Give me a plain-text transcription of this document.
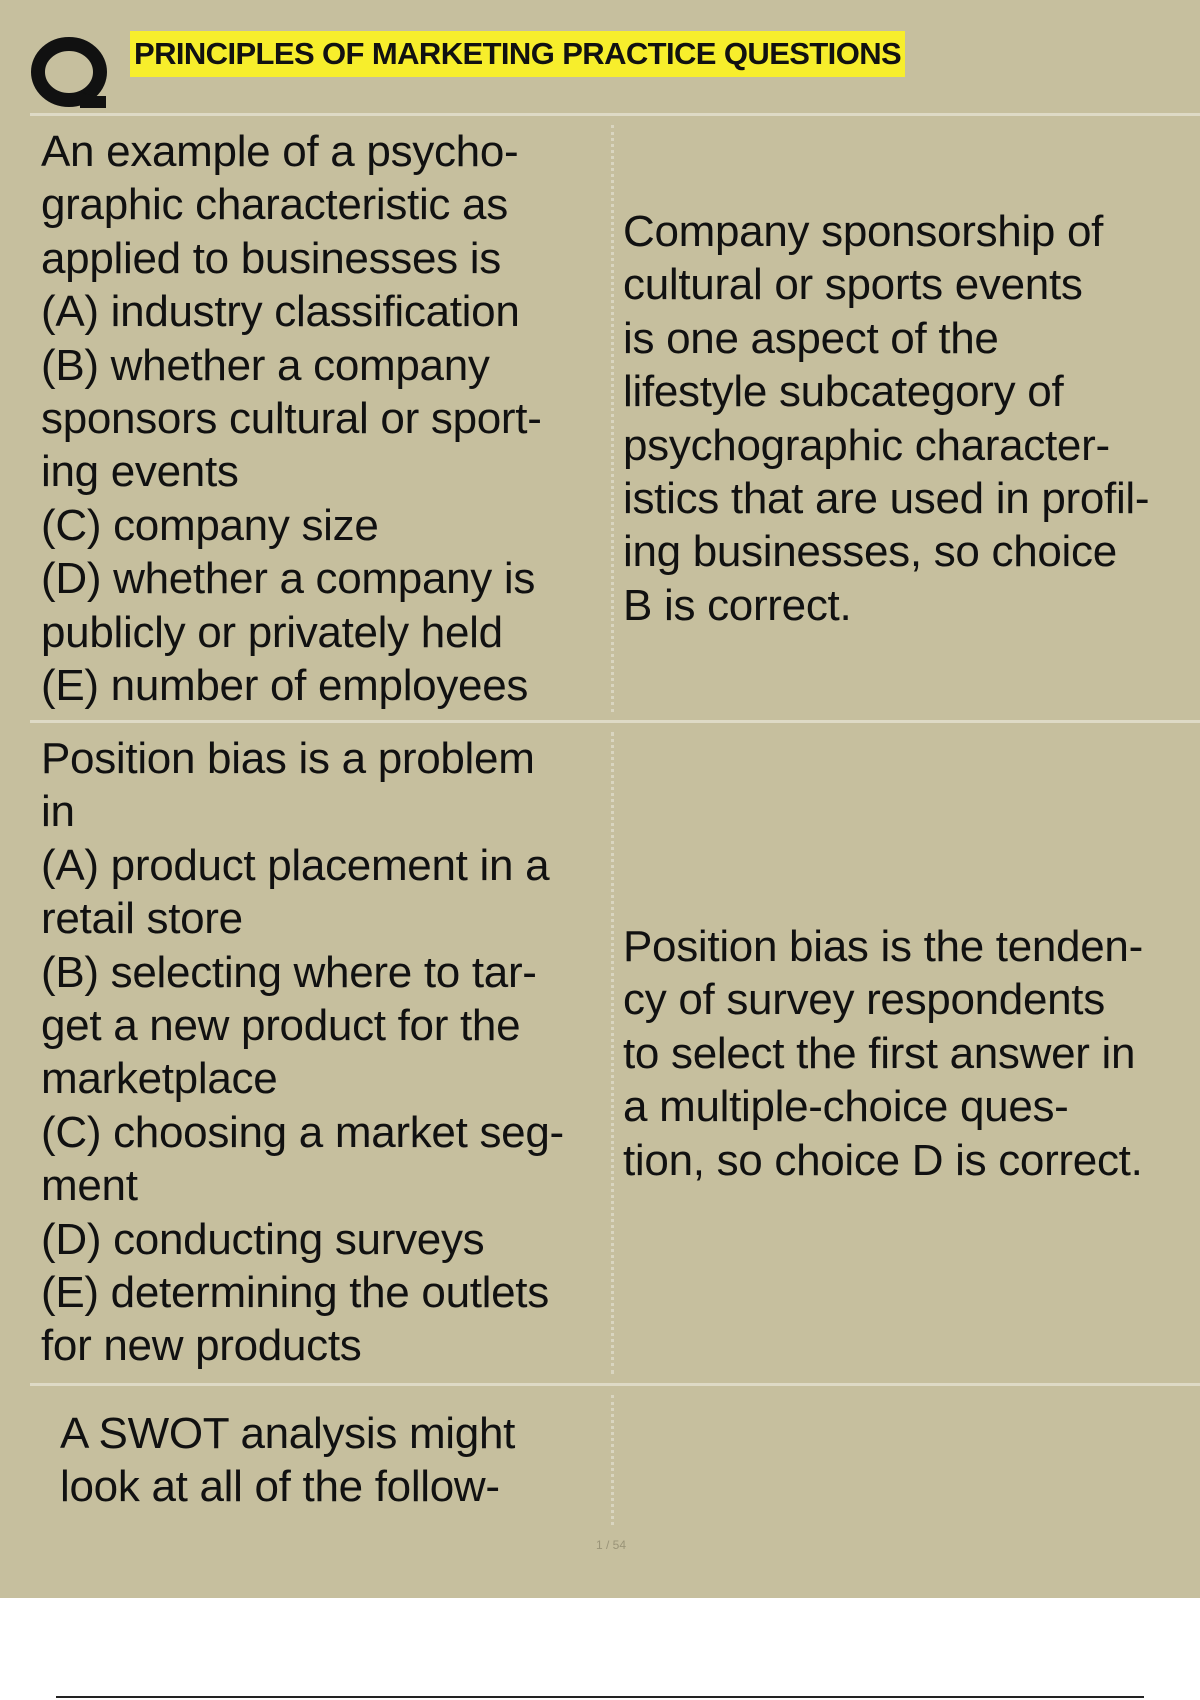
PRINCIPLES OF MARKETING PRACTICE QUESTIONS
An example of a psycho-
graphic characteristic as
applied to businesses is
(A) industry classification
(B) whether a company
sponsors cultural or sport-
ing events
(C) company size
(D) whether a company is
publicly or privately held
(E) number of employees
Company sponsorship of
cultural or sports events
is one aspect of the
lifestyle subcategory of
psychographic character-
istics that are used in profil-
ing businesses, so choice
B is correct.
Position bias is a problem
in
(A) product placement in a
retail store
(B) selecting where to tar-
get a new product for the
marketplace
(C) choosing a market seg-
ment
(D) conducting surveys
(E) determining the outlets
for new products
Position bias is the tenden-
cy of survey respondents
to select the first answer in
a multiple-choice ques-
tion, so choice D is correct.
A SWOT analysis might
look at all of the follow-
1 / 54
